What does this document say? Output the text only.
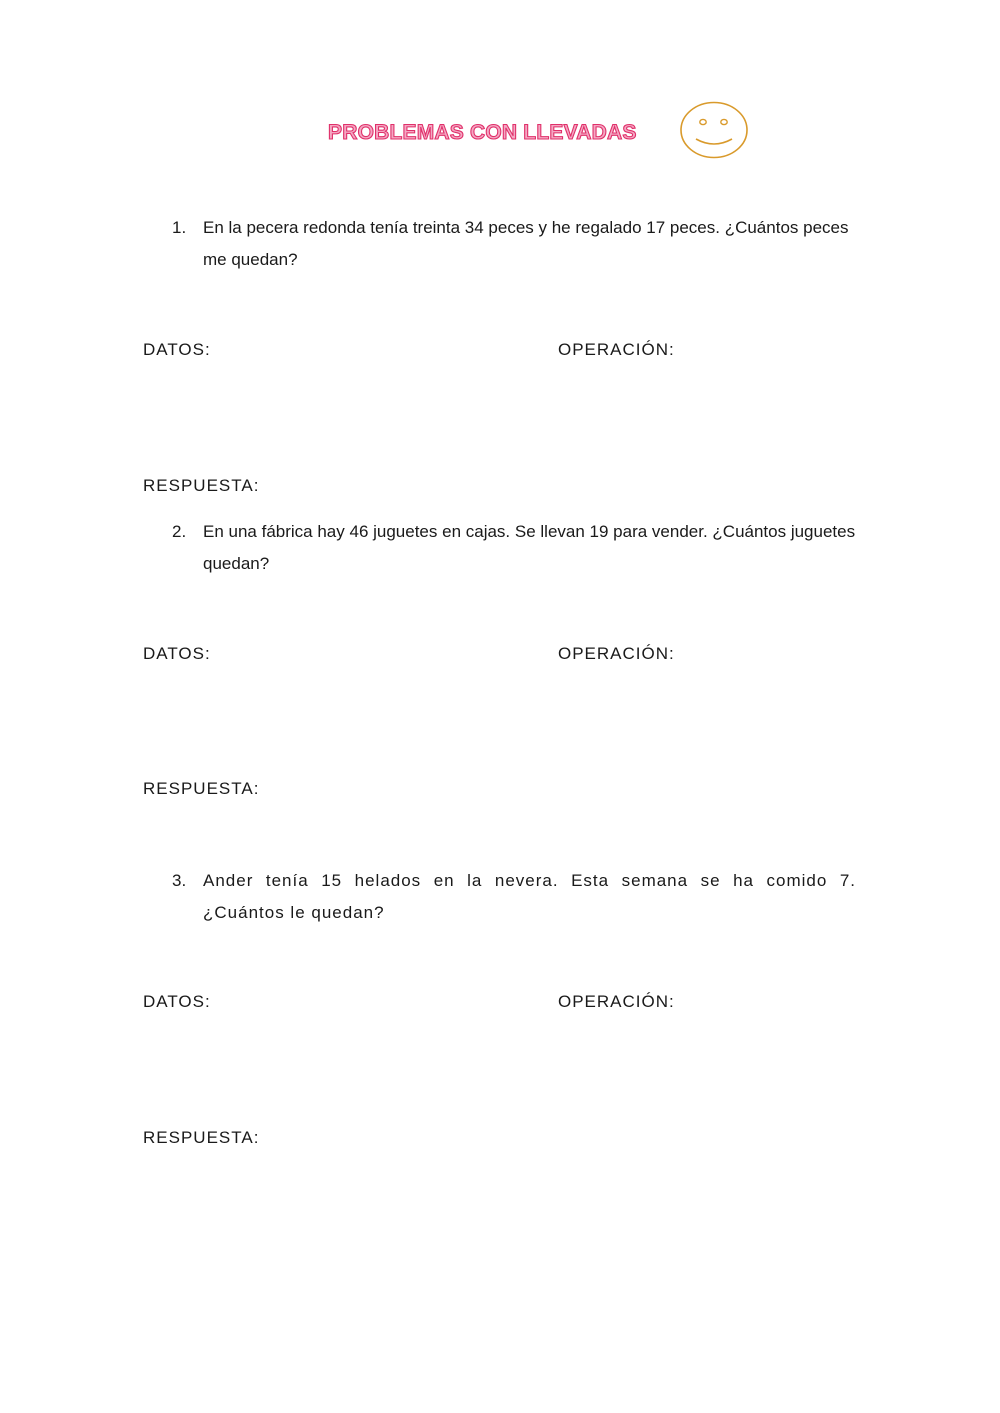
PROBLEMAS CON LLEVADAS
1. En la pecera redonda tenía treinta 34 peces y he regalado 17 peces. ¿Cuántos peces me quedan?
DATOS:	OPERACIÓN:
RESPUESTA:
2. En una fábrica hay 46 juguetes en cajas. Se llevan 19 para vender. ¿Cuántos juguetes quedan?
DATOS:	OPERACIÓN:
RESPUESTA:
3. Ander tenía 15 helados en la nevera. Esta semana se ha comido 7. ¿Cuántos le quedan?
DATOS:	OPERACIÓN:
RESPUESTA:
